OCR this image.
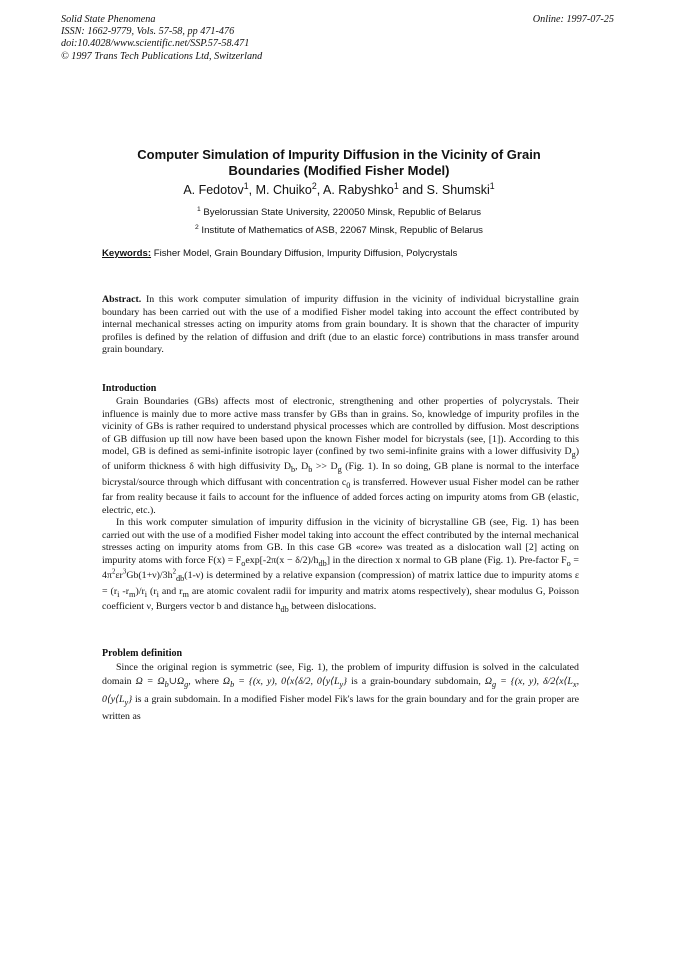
Solid State Phenomena
ISSN: 1662-9779, Vols. 57-58, pp 471-476
doi:10.4028/www.scientific.net/SSP.57-58.471
© 1997 Trans Tech Publications Ltd, Switzerland
Online: 1997-07-25
Computer Simulation of Impurity Diffusion in the Vicinity of Grain
Boundaries (Modified Fisher Model)
A. Fedotov$^1$, M. Chuiko$^2$, A. Rabyshko$^1$ and S. Shumski$^1$
$^1$ Byelorussian State University, 220050 Minsk, Republic of Belarus
$^2$ Institute of Mathematics of ASB, 22067 Minsk, Republic of Belarus
Keywords: Fisher Model, Grain Boundary Diffusion, Impurity Diffusion, Polycrystals

Abstract. In this work computer simulation of impurity diffusion in the vicinity of individual bicrystalline grain boundary has been carried out with the use of a modified Fisher model taking into account the effect contributed by internal mechanical stresses acting on impurity atoms from grain boundary. It is shown that the character of impurity profiles is defined by the relation of diffusion and drift (due to an elastic force) contributions in mass transfer around grain boundary.

Introduction

Grain Boundaries (GBs) affects most of electronic, strengthening and other properties of polycrystals. Their influence is mainly due to more active mass transfer by GBs than in grains. So, knowledge of impurity profiles in the vicinity of GBs is rather required to understand physical processes which are controlled by diffusion. Most descriptions of GB diffusion up till now have been based upon the known Fisher model for bicrystals (see, [1]). According to this model, GB is defined as semi-infinite isotropic layer (confined by two semi-infinite grains with a lower diffusivity $D_g$) of uniform thickness δ with high diffusivity $D_b$, $D_b >> D_g$ (Fig. 1). In so doing, GB plane is normal to the interface bicrystal/source through which diffusant with concentration $c_0$ is transferred. However usual Fisher model can be rather far from reality because it fails to account for the influence of added forces acting on impurity atoms from GB (elastic, electric, etc.).

In this work computer simulation of impurity diffusion in the vicinity of bicrystalline GB (see, Fig. 1) has been carried out with the use of a modified Fisher model taking into account the effect contributed by the internal mechanical stresses acting on impurity atoms from GB. In this case GB «core» was treated as a dislocation wall [2] acting on impurity atoms with force $F(x) = F_o\exp[-2\pi(x - \delta/2)/h_{db}]$ in the direction x normal to GB plane (Fig. 1). Pre-factor $F_o = 4\pi^2\varepsilon r^3Gb(1+\nu)/3h^2_{db}(1-\nu)$ is determined by a relative expansion (compression) of matrix lattice due to impurity atoms $\varepsilon = (r_i$ $-r_m)/r_i$ ($r_i$ and $r_m$ are atomic covalent radii for impurity and matrix atoms respectively), shear modulus G, Poisson coefficient ν, Burgers vector b and distance $h_{db}$ between dislocations.

Problem definition

Since the original region is symmetric (see, Fig. 1), the problem of impurity diffusion is solved in the calculated domain $\Omega = \Omega_b\cup\Omega_g$, where $\Omega_b = \{(x$, y), 0⟨x⟨δ/2, $0⟨y⟨L_y$} is a grain-boundary subdomain, $\Omega_g = \{(x$, y), $\delta/2⟨x⟨L_x$, $0⟨y⟨L_y$} is a grain subdomain. In a modified Fisher model Fik's laws for the grain boundary and for the grain proper are written as
